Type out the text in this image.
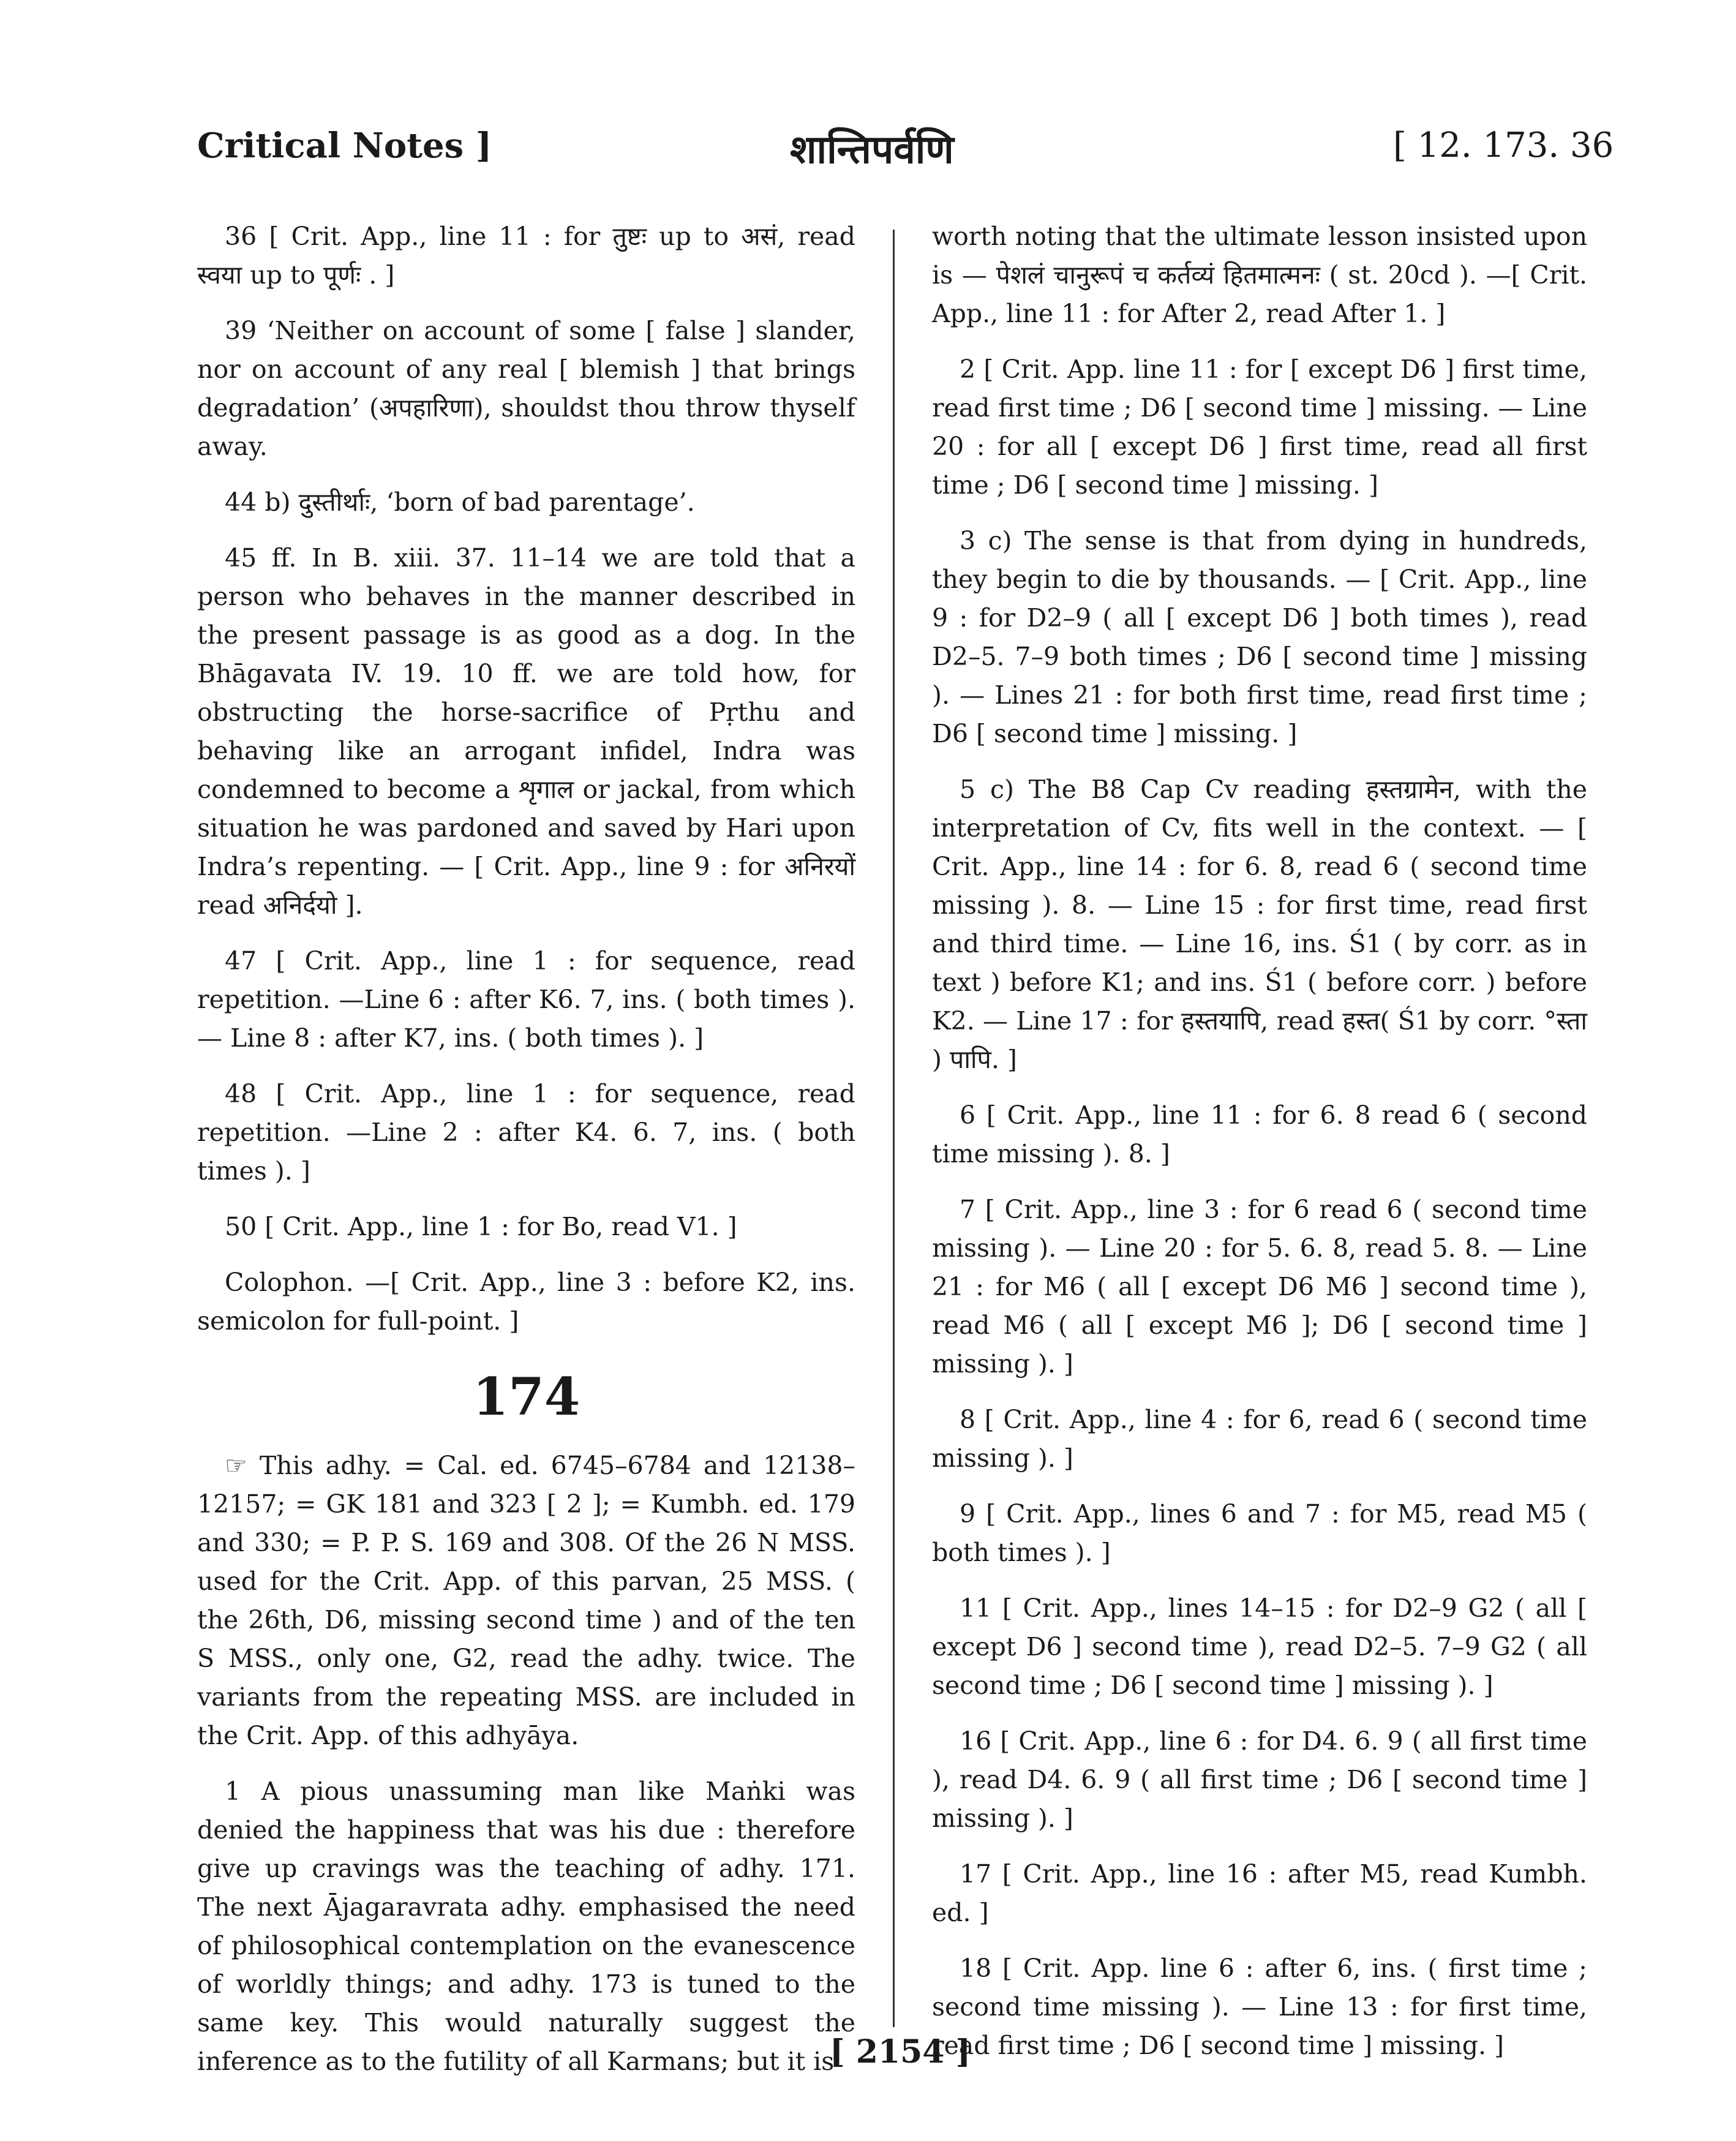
Critical Notes ]	शान्तिपर्वणि	[ 12. 173. 36

36 [ Crit. App., line 11 : for तुष्टः up to असं, read स्वया up to पूर्णः . ]

39 ‘Neither on account of some [ false ] slander, nor on account of any real [ blemish ] that brings degradation’ (अपहारिणा), shouldst thou throw thyself away.

44 b) दुस्तीर्थाः, ‘born of bad parentage’.

45 ff. In B. xiii. 37. 11–14 we are told that a person who behaves in the manner described in the present passage is as good as a dog. In the Bhāgavata IV. 19. 10 ff. we are told how, for obstructing the horse-sacrifice of Pṛthu and behaving like an arrogant infidel, Indra was condemned to become a शृगाल or jackal, from which situation he was pardoned and saved by Hari upon Indra’s repenting. — [ Crit. App., line 9 : for अनिरयों read अनिर्दयो ].

47 [ Crit. App., line 1 : for sequence, read repetition. —Line 6 : after K6. 7, ins. ( both times ). — Line 8 : after K7, ins. ( both times ). ]

48 [ Crit. App., line 1 : for sequence, read repetition. —Line 2 : after K4. 6. 7, ins. ( both times ). ]

50 [ Crit. App., line 1 : for Bo, read V1. ]

Colophon. —[ Crit. App., line 3 : before K2, ins. semicolon for full-point. ]

174

☞ This adhy. = Cal. ed. 6745–6784 and 12138–12157; = GK 181 and 323 [ 2 ]; = Kumbh. ed. 179 and 330; = P. P. S. 169 and 308. Of the 26 N MSS. used for the Crit. App. of this parvan, 25 MSS. ( the 26th, D6, missing second time ) and of the ten S MSS., only one, G2, read the adhy. twice. The variants from the repeating MSS. are included in the Crit. App. of this adhyāya.

1 A pious unassuming man like Maṅki was denied the happiness that was his due : therefore give up cravings was the teaching of adhy. 171. The next Ājagaravrata adhy. emphasised the need of philosophical contemplation on the evanescence of worldly things; and adhy. 173 is tuned to the same key. This would naturally suggest the inference as to the futility of all Karmans; but it is

worth noting that the ultimate lesson insisted upon is — पेशलं चानुरूपं च कर्तव्यं हितमात्मनः ( st. 20cd ). —[ Crit. App., line 11 : for After 2, read After 1. ]

2 [ Crit. App. line 11 : for [ except D6 ] first time, read first time ; D6 [ second time ] missing. — Line 20 : for all [ except D6 ] first time, read all first time ; D6 [ second time ] missing. ]

3 c) The sense is that from dying in hundreds, they begin to die by thousands. — [ Crit. App., line 9 : for D2–9 ( all [ except D6 ] both times ), read D2–5. 7–9 both times ; D6 [ second time ] missing ). — Lines 21 : for both first time, read first time ; D6 [ second time ] missing. ]

5 c) The B8 Cap Cv reading हस्तग्रामेन, with the interpretation of Cv, fits well in the context. — [ Crit. App., line 14 : for 6. 8, read 6 ( second time missing ). 8. — Line 15 : for first time, read first and third time. — Line 16, ins. Ś1 ( by corr. as in text ) before K1; and ins. Ś1 ( before corr. ) before K2. — Line 17 : for हस्तयापि, read हस्त( Ś1 by corr. °स्ता ) पापि. ]

6 [ Crit. App., line 11 : for 6. 8 read 6 ( second time missing ). 8. ]

7 [ Crit. App., line 3 : for 6 read 6 ( second time missing ). — Line 20 : for 5. 6. 8, read 5. 8. — Line 21 : for M6 ( all [ except D6 M6 ] second time ), read M6 ( all [ except M6 ]; D6 [ second time ] missing ). ]

8 [ Crit. App., line 4 : for 6, read 6 ( second time missing ). ]

9 [ Crit. App., lines 6 and 7 : for M5, read M5 ( both times ). ]

11 [ Crit. App., lines 14–15 : for D2–9 G2 ( all [ except D6 ] second time ), read D2–5. 7–9 G2 ( all second time ; D6 [ second time ] missing ). ]

16 [ Crit. App., line 6 : for D4. 6. 9 ( all first time ), read D4. 6. 9 ( all first time ; D6 [ second time ] missing ). ]

17 [ Crit. App., line 16 : after M5, read Kumbh. ed. ]

18 [ Crit. App. line 6 : after 6, ins. ( first time ; second time missing ). — Line 13 : for first time, read first time ; D6 [ second time ] missing. ]

[ 2154 ]
